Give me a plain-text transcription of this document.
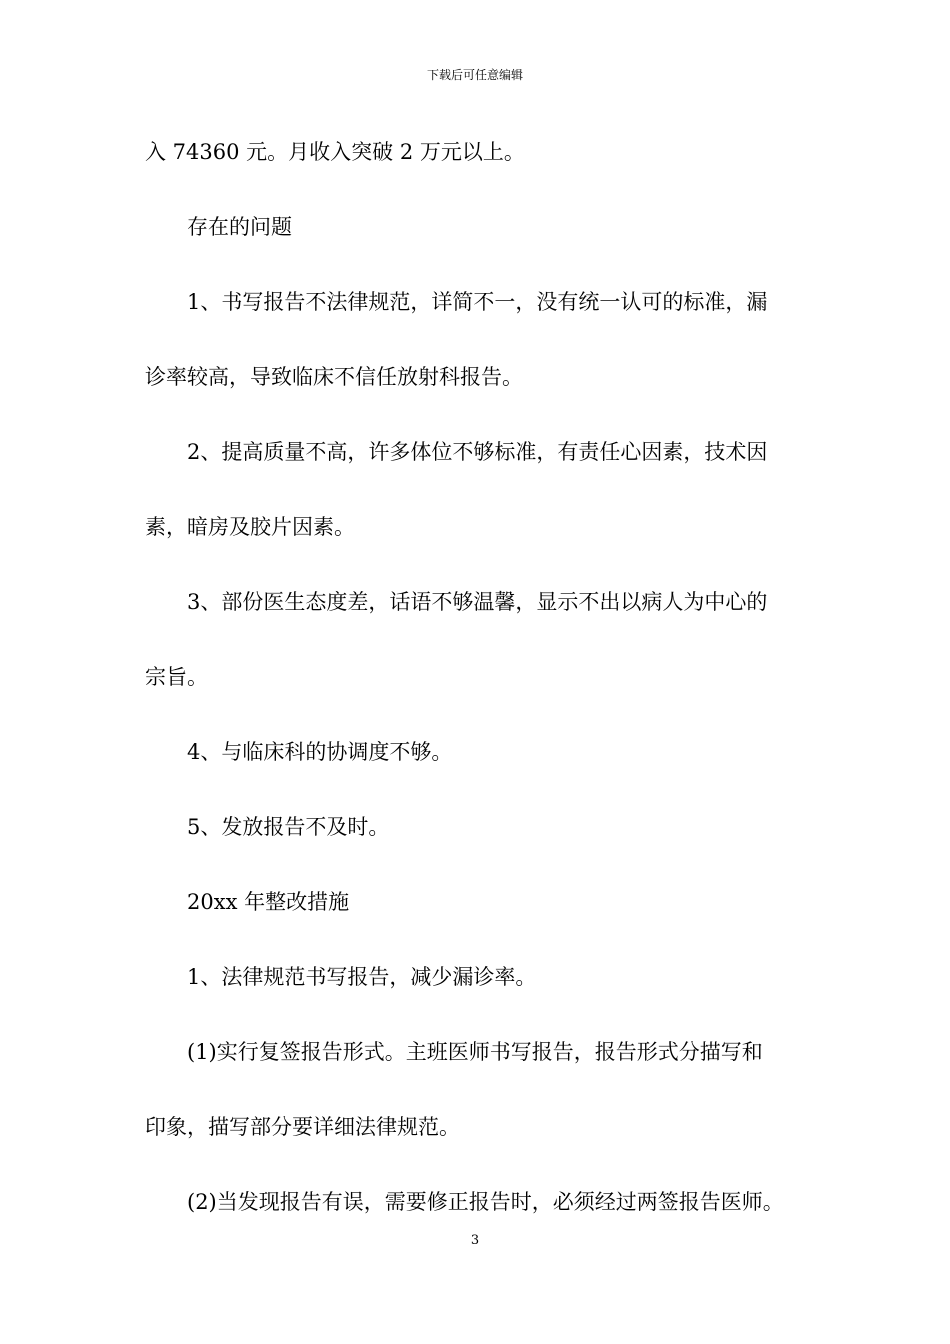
下载后可任意编辑
入 74360 元。月收入突破 2 万元以上。
存在的问题
1、书写报告不法律规范，详简不一，没有统一认可的标准，漏
诊率较高，导致临床不信任放射科报告。
2、提高质量不高，许多体位不够标准，有责任心因素，技术因
素，暗房及胶片因素。
3、部份医生态度差，话语不够温馨，显示不出以病人为中心的
宗旨。
4、与临床科的协调度不够。
5、发放报告不及时。
20xx 年整改措施
1、法律规范书写报告，减少漏诊率。
(1)实行复签报告形式。主班医师书写报告，报告形式分描写和
印象，描写部分要详细法律规范。
(2)当发现报告有误，需要修正报告时，必须经过两签报告医师。
3
